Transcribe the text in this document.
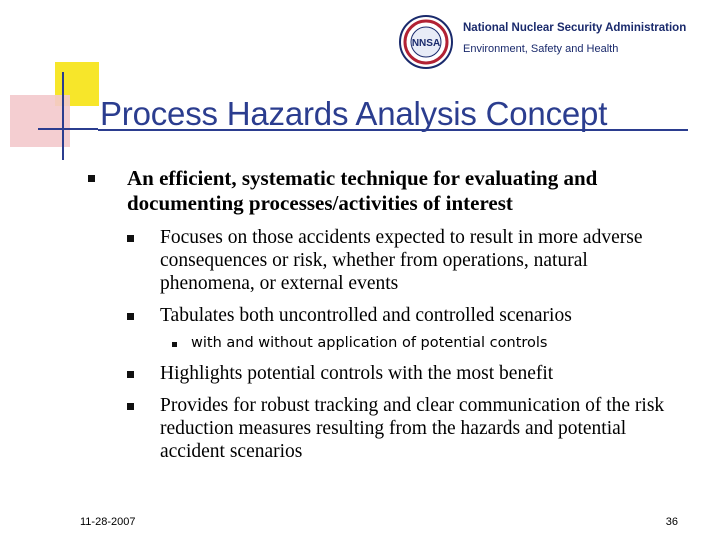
NNSA
National Nuclear Security Administration
Environment, Safety and Health
Process Hazards Analysis Concept
An efficient, systematic technique for evaluating and documenting processes/activities of interest
Focuses on those accidents expected to result in more adverse consequences or risk, whether from operations, natural phenomena, or external events
Tabulates both uncontrolled and controlled scenarios
with and without application of potential controls
Highlights potential controls with the most benefit
Provides for robust tracking and clear communication of the risk reduction measures resulting from the hazards and potential accident scenarios
11-28-2007	36
